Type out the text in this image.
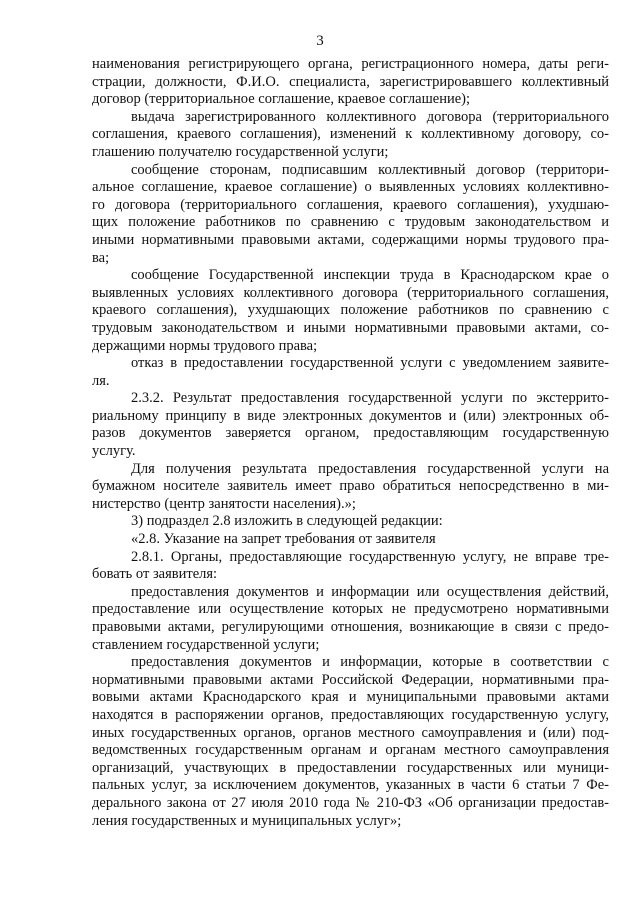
3
наименования регистрирующего органа, регистрационного номера, даты реги-
страции, должности, Ф.И.О. специалиста, зарегистрировавшего коллективный
договор (территориальное соглашение, краевое соглашение);
выдача зарегистрированного коллективного договора (территориального
соглашения, краевого соглашения), изменений к коллективному договору, со-
глашению получателю государственной услуги;
сообщение сторонам, подписавшим коллективный договор (территори-
альное соглашение, краевое соглашение) о выявленных условиях коллективно-
го договора (территориального соглашения, краевого соглашения), ухудшаю-
щих положение работников по сравнению с трудовым законодательством и
иными нормативными правовыми актами, содержащими нормы трудового пра-
ва;
сообщение Государственной инспекции труда в Краснодарском крае о
выявленных условиях коллективного договора (территориального соглашения,
краевого соглашения), ухудшающих положение работников по сравнению с
трудовым законодательством и иными нормативными правовыми актами, со-
держащими нормы трудового права;
отказ в предоставлении государственной услуги с уведомлением заявите-
ля.
2.3.2. Результат предоставления государственной услуги по экстеррито-
риальному принципу в виде электронных документов и (или) электронных об-
разов документов заверяется органом, предоставляющим государственную
услугу.
Для получения результата предоставления государственной услуги на
бумажном носителе заявитель имеет право обратиться непосредственно в ми-
нистерство (центр занятости населения).»;
3) подраздел 2.8 изложить в следующей редакции:
«2.8. Указание на запрет требования от заявителя
2.8.1. Органы, предоставляющие государственную услугу, не вправе тре-
бовать от заявителя:
предоставления документов и информации или осуществления действий,
предоставление или осуществление которых не предусмотрено нормативными
правовыми актами, регулирующими отношения, возникающие в связи с предо-
ставлением государственной услуги;
предоставления документов и информации, которые в соответствии с
нормативными правовыми актами Российской Федерации, нормативными пра-
вовыми актами Краснодарского края и муниципальными правовыми актами
находятся в распоряжении органов, предоставляющих государственную услугу,
иных государственных органов, органов местного самоуправления и (или) под-
ведомственных государственным органам и органам местного самоуправления
организаций, участвующих в предоставлении государственных или муници-
пальных услуг, за исключением документов, указанных в части 6 статьи 7 Фе-
дерального закона от 27 июля 2010 года № 210-ФЗ «Об организации предостав-
ления государственных и муниципальных услуг»;
